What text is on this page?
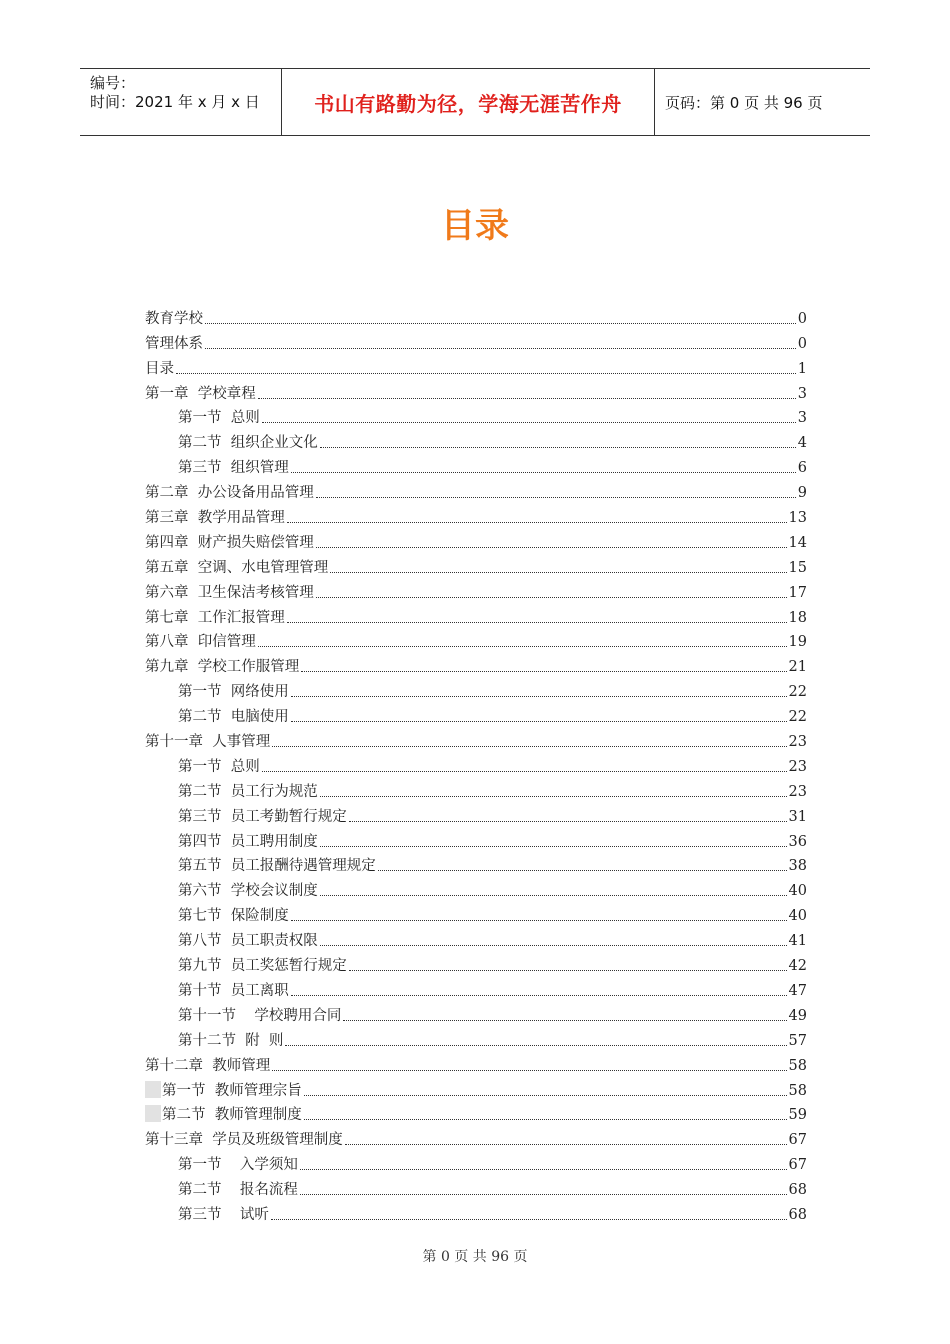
编号：
时间：2021 年 x 月 x 日	书山有路勤为径，学海无涯苦作舟	页码：第 0 页 共 96 页
目录
教育学校	0
管理体系	0
目录	1
第一章  学校章程	3
第一节  总则	3
第二节  组织企业文化	4
第三节  组织管理	6
第二章  办公设备用品管理	9
第三章  教学用品管理	13
第四章  财产损失赔偿管理	14
第五章  空调、水电管理管理	15
第六章  卫生保洁考核管理	17
第七章  工作汇报管理	18
第八章  印信管理	19
第九章  学校工作服管理	21
第一节  网络使用	22
第二节  电脑使用	22
第十一章  人事管理	23
第一节  总则	23
第二节  员工行为规范	23
第三节  员工考勤暂行规定	31
第四节  员工聘用制度	36
第五节  员工报酬待遇管理规定	38
第六节  学校会议制度	40
第七节  保险制度	40
第八节  员工职责权限	41
第九节  员工奖惩暂行规定	42
第十节  员工离职	47
第十一节    学校聘用合同	49
第十二节  附  则	57
第十二章  教师管理	58
第一节  教师管理宗旨	58
第二节  教师管理制度	59
第十三章  学员及班级管理制度	67
第一节    入学须知	67
第二节    报名流程	68
第三节    试听	68
第 0 页 共 96 页
